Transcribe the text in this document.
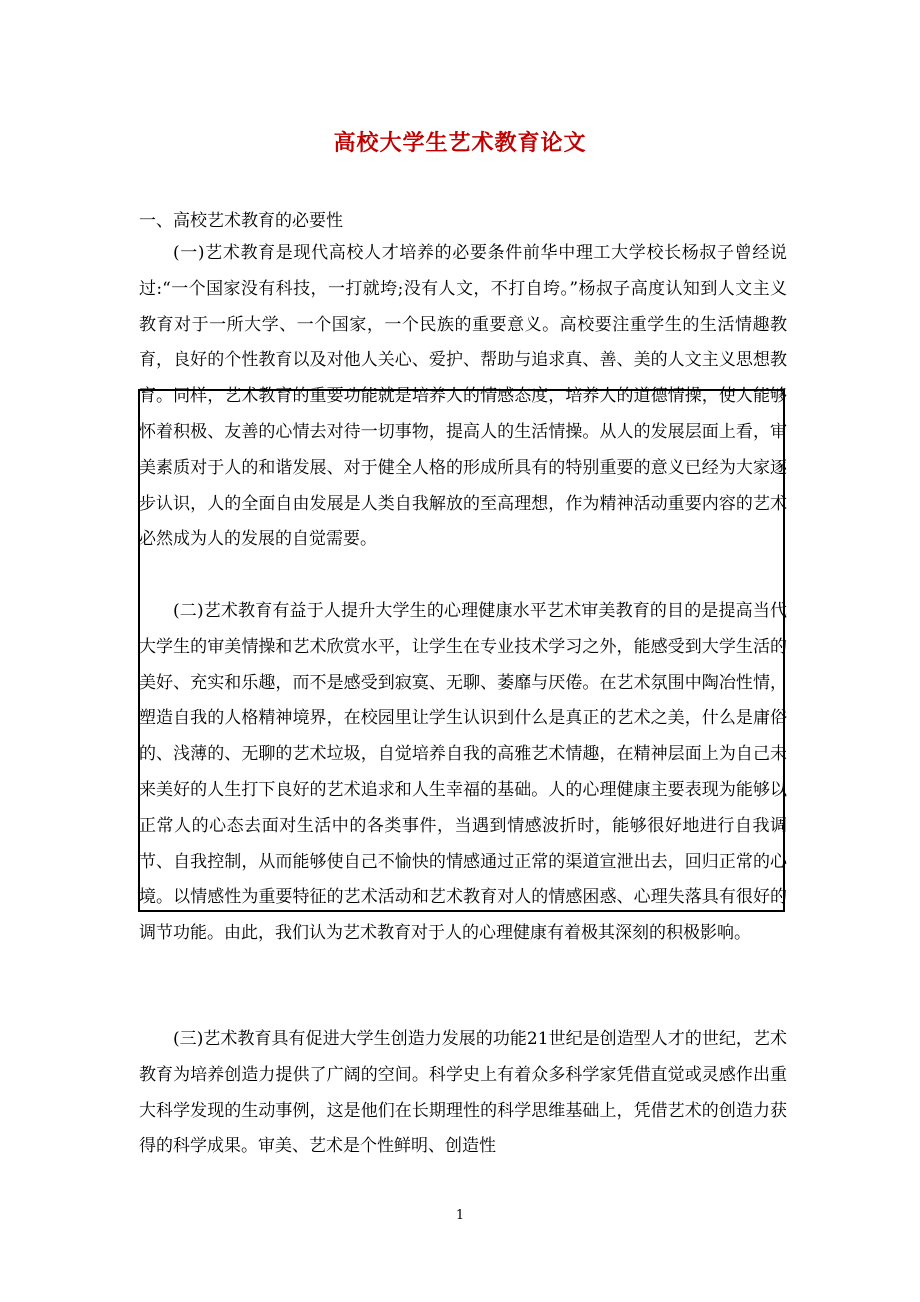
高校大学生艺术教育论文

一、高校艺术教育的必要性

(一)艺术教育是现代高校人才培养的必要条件前华中理工大学校长杨叔子曾经说过:“一个国家没有科技，一打就垮;没有人文，不打自垮。”杨叔子高度认知到人文主义教育对于一所大学、一个国家，一个民族的重要意义。高校要注重学生的生活情趣教育，良好的个性教育以及对他人关心、爱护、帮助与追求真、善、美的人文主义思想教育。同样，艺术教育的重要功能就是培养人的情感态度，培养人的道德情操，使人能够怀着积极、友善的心情去对待一切事物，提高人的生活情操。从人的发展层面上看，审美素质对于人的和谐发展、对于健全人格的形成所具有的特别重要的意义已经为大家逐步认识，人的全面自由发展是人类自我解放的至高理想，作为精神活动重要内容的艺术必然成为人的发展的自觉需要。

(二)艺术教育有益于人提升大学生的心理健康水平艺术审美教育的目的是提高当代大学生的审美情操和艺术欣赏水平，让学生在专业技术学习之外，能感受到大学生活的美好、充实和乐趣，而不是感受到寂寞、无聊、萎靡与厌倦。在艺术氛围中陶冶性情，塑造自我的人格精神境界，在校园里让学生认识到什么是真正的艺术之美，什么是庸俗的、浅薄的、无聊的艺术垃圾，自觉培养自我的高雅艺术情趣，在精神层面上为自己未来美好的人生打下良好的艺术追求和人生幸福的基础。人的心理健康主要表现为能够以正常人的心态去面对生活中的各类事件，当遇到情感波折时，能够很好地进行自我调节、自我控制，从而能够使自己不愉快的情感通过正常的渠道宣泄出去，回归正常的心境。以情感性为重要特征的艺术活动和艺术教育对人的情感困惑、心理失落具有很好的调节功能。由此，我们认为艺术教育对于人的心理健康有着极其深刻的积极影响。

(三)艺术教育具有促进大学生创造力发展的功能21世纪是创造型人才的世纪，艺术教育为培养创造力提供了广阔的空间。科学史上有着众多科学家凭借直觉或灵感作出重大科学发现的生动事例，这是他们在长期理性的科学思维基础上，凭借艺术的创造力获得的科学成果。审美、艺术是个性鲜明、创造性

1
